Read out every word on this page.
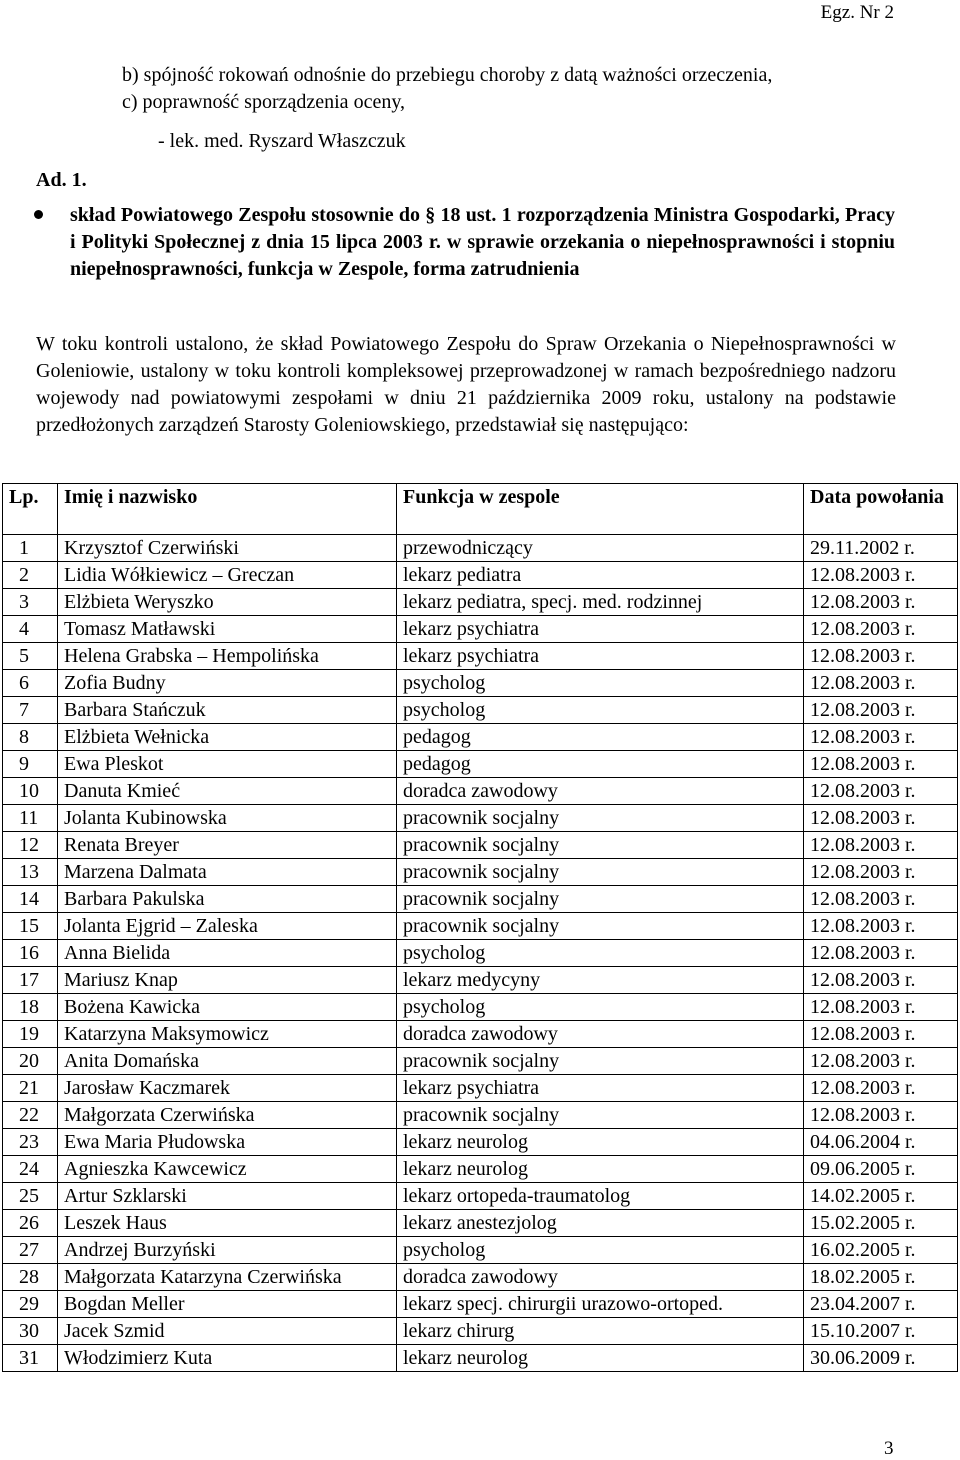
Egz. Nr 2
b) spójność rokowań odnośnie do przebiegu choroby z datą ważności orzeczenia,
c) poprawność sporządzenia oceny,
- lek. med. Ryszard Właszczuk
Ad. 1.
skład Powiatowego Zespołu stosownie do § 18 ust. 1 rozporządzenia Ministra Gospodarki, Pracy i Polityki Społecznej z dnia 15 lipca 2003 r. w sprawie orzekania o niepełnosprawności i stopniu niepełnosprawności, funkcja w Zespole, forma zatrudnienia
W toku kontroli ustalono, że skład Powiatowego Zespołu do Spraw Orzekania o Niepełnosprawności w Goleniowie, ustalony w toku kontroli kompleksowej przeprowadzonej w ramach bezpośredniego nadzoru wojewody nad powiatowymi zespołami w dniu 21 października 2009 roku, ustalony na podstawie przedłożonych zarządzeń Starosty Goleniowskiego, przedstawiał się następująco:
Lp.	Imię i nazwisko	Funkcja w zespole	Data powołania
1	Krzysztof Czerwiński	przewodniczący	29.11.2002 r.
2	Lidia Wółkiewicz – Greczan	lekarz pediatra	12.08.2003 r.
3	Elżbieta Weryszko	lekarz pediatra, specj. med. rodzinnej	12.08.2003 r.
4	Tomasz Matławski	lekarz psychiatra	12.08.2003 r.
5	Helena Grabska – Hempolińska	lekarz psychiatra	12.08.2003 r.
6	Zofia Budny	psycholog	12.08.2003 r.
7	Barbara Stańczuk	psycholog	12.08.2003 r.
8	Elżbieta Wełnicka	pedagog	12.08.2003 r.
9	Ewa Pleskot	pedagog	12.08.2003 r.
10	Danuta Kmieć	doradca zawodowy	12.08.2003 r.
11	Jolanta Kubinowska	pracownik socjalny	12.08.2003 r.
12	Renata Breyer	pracownik socjalny	12.08.2003 r.
13	Marzena Dalmata	pracownik socjalny	12.08.2003 r.
14	Barbara Pakulska	pracownik socjalny	12.08.2003 r.
15	Jolanta Ejgrid – Zaleska	pracownik socjalny	12.08.2003 r.
16	Anna Bielida	psycholog	12.08.2003 r.
17	Mariusz Knap	lekarz medycyny	12.08.2003 r.
18	Bożena Kawicka	psycholog	12.08.2003 r.
19	Katarzyna Maksymowicz	doradca zawodowy	12.08.2003 r.
20	Anita Domańska	pracownik socjalny	12.08.2003 r.
21	Jarosław Kaczmarek	lekarz psychiatra	12.08.2003 r.
22	Małgorzata Czerwińska	pracownik socjalny	12.08.2003 r.
23	Ewa Maria Płudowska	lekarz neurolog	04.06.2004 r.
24	Agnieszka Kawcewicz	lekarz neurolog	09.06.2005 r.
25	Artur Szklarski	lekarz ortopeda-traumatolog	14.02.2005 r.
26	Leszek Haus	lekarz anestezjolog	15.02.2005 r.
27	Andrzej Burzyński	psycholog	16.02.2005 r.
28	Małgorzata Katarzyna Czerwińska	doradca zawodowy	18.02.2005 r.
29	Bogdan Meller	lekarz specj. chirurgii urazowo-ortoped.	23.04.2007 r.
30	Jacek Szmid	lekarz chirurg	15.10.2007 r.
31	Włodzimierz Kuta	lekarz neurolog	30.06.2009 r.
3
